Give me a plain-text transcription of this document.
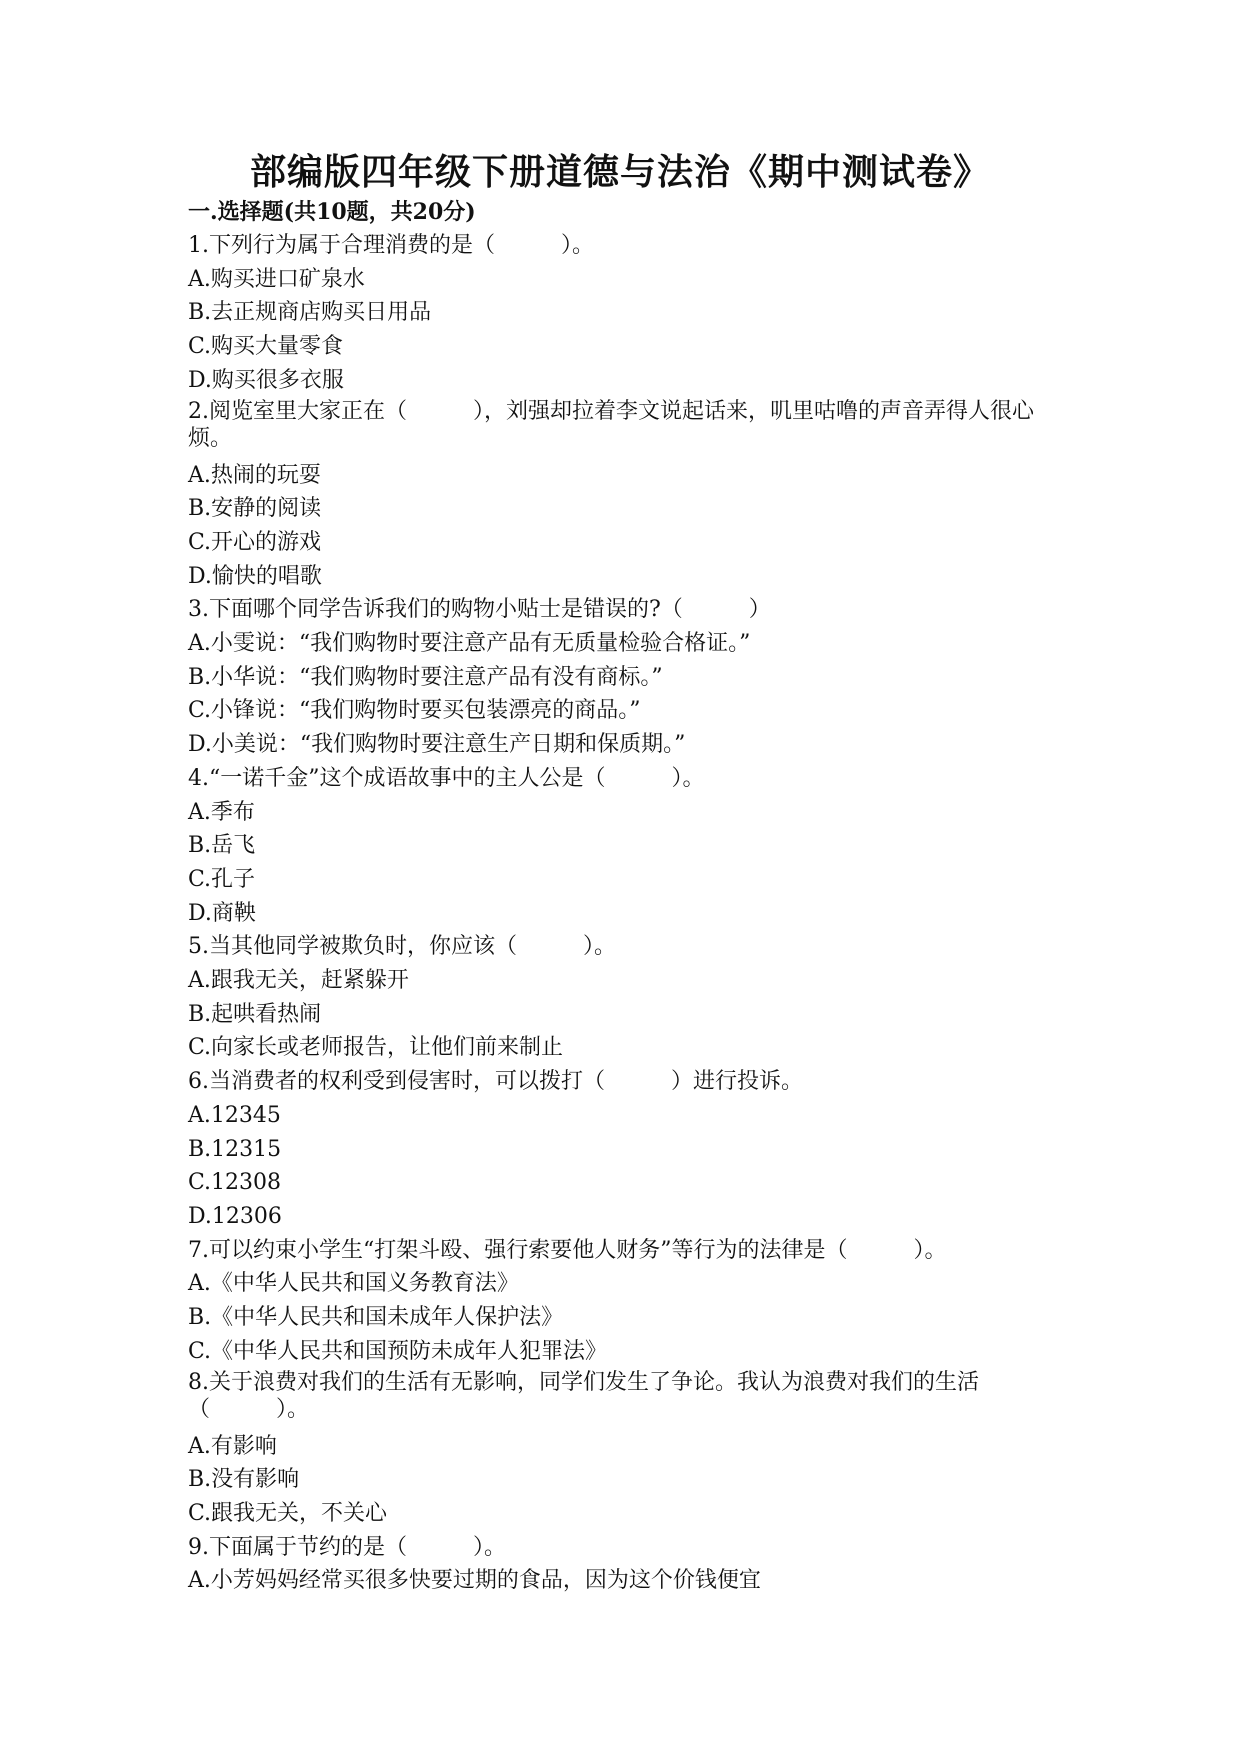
部编版四年级下册道德与法治《期中测试卷》
一.选择题(共10题，共20分)

1.下列行为属于合理消费的是（　　　）。

A.购买进口矿泉水

B.去正规商店购买日用品

C.购买大量零食

D.购买很多衣服

2.阅览室里大家正在（　　　），刘强却拉着李文说起话来，叽里咕噜的声音弄得人很心烦。

A.热闹的玩耍

B.安静的阅读

C.开心的游戏

D.愉快的唱歌

3.下面哪个同学告诉我们的购物小贴士是错误的?（　　　）

A.小雯说：“我们购物时要注意产品有无质量检验合格证。”

B.小华说：“我们购物时要注意产品有没有商标。”

C.小锋说：“我们购物时要买包装漂亮的商品。”

D.小美说：“我们购物时要注意生产日期和保质期。”

4.“一诺千金”这个成语故事中的主人公是（　　　）。

A.季布

B.岳飞

C.孔子

D.商鞅

5.当其他同学被欺负时，你应该（　　　）。

A.跟我无关，赶紧躲开

B.起哄看热闹

C.向家长或老师报告，让他们前来制止

6.当消费者的权利受到侵害时，可以拨打（　　　）进行投诉。

A.12345

B.12315

C.12308

D.12306

7.可以约束小学生“打架斗殴、强行索要他人财务”等行为的法律是（　　　）。

A.《中华人民共和国义务教育法》

B.《中华人民共和国未成年人保护法》

C.《中华人民共和国预防未成年人犯罪法》

8.关于浪费对我们的生活有无影响，同学们发生了争论。我认为浪费对我们的生活（　　　）。

A.有影响

B.没有影响

C.跟我无关，不关心

9.下面属于节约的是（　　　）。

A.小芳妈妈经常买很多快要过期的食品，因为这个价钱便宜
